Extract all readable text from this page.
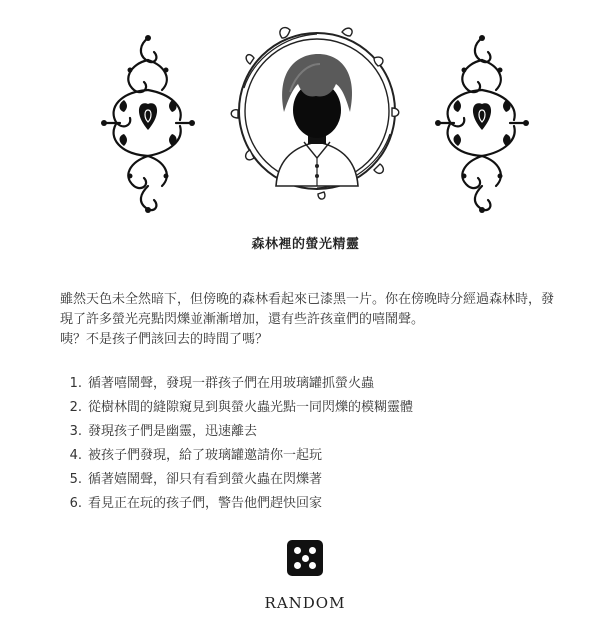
森林裡的螢光精靈

雖然天色未全然暗下，但傍晚的森林看起來已漆黑一片。你在傍晚時分經過森林時，發現了許多螢光亮點閃爍並漸漸增加，還有些許孩童們的嘻鬧聲。

咦？不是孩子們該回去的時間了嗎？

1. 循著嘻鬧聲，發現一群孩子們在用玻璃罐抓螢火蟲
2. 從樹林間的縫隙窺見到與螢火蟲光點一同閃爍的模糊靈體
3. 發現孩子們是幽靈，迅速離去
4. 被孩子們發現，給了玻璃罐邀請你一起玩
5. 循著嬉鬧聲，卻只有看到螢火蟲在閃爍著
6. 看見正在玩的孩子們，警告他們趕快回家
RANDOM
